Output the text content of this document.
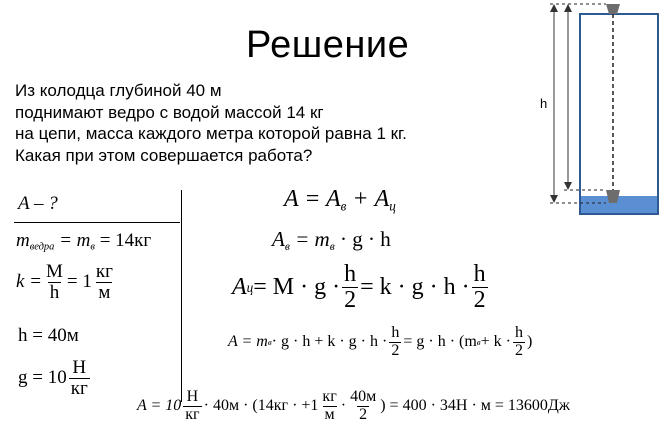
Решение
Из колодца глубиной 40 м
поднимают ведро с водой массой 14 кг
на цепи, масса каждого метра которой равна 1 кг.
Какая при этом совершается работа?
A – ?
$m_{ведра} = m_в = 14кг$
$k = \frac{M}{h} = 1 \frac{кг}{м}$
h = 40м
$g = 10 \frac{Н}{кг}$
$A = A_в + A_ц$
$A_в = m_в \cdot g \cdot h$
A $ц = M \cdot g \cdot \frac{h}{2} = k \cdot g \cdot h \cdot \frac{h}{2}$
A = m $в \cdot g \cdot h + k \cdot g \cdot h \cdot \frac{h}{2} = g \cdot h \cdot (m$ $в + k \cdot \frac{h}{2}$ )
$A = 10 \frac{Н}{кг} \cdot 40м \cdot (14кг \cdot +1 \frac{кг}{м} \cdot \frac{40м}{2}$ ) = 400 · 34Н · м = 13600Дж
h
